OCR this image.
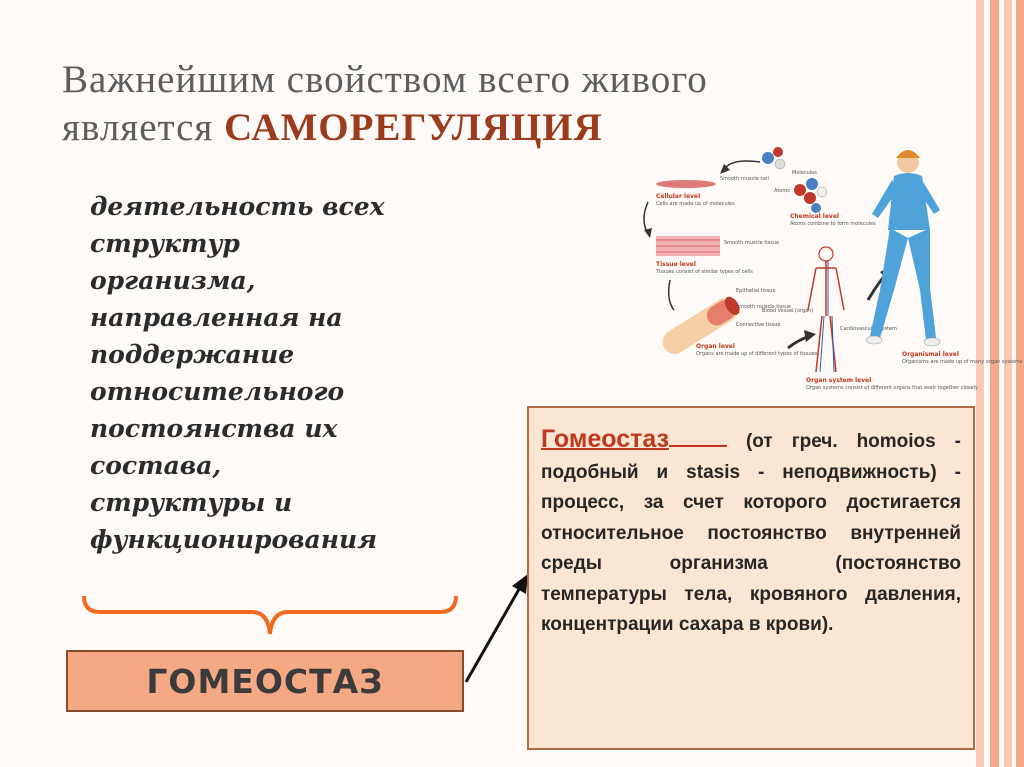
Важнейшим свойством всего живого
является САМОРЕГУЛЯЦИЯ

деятельность всех
структур
организма,
направленная на
поддержание
относительного
постоянства их
состава,
структуры и
функционирования

ГОМЕОСТАЗ

Гомеостаз	(от греч. homoios - подобный и stasis - неподвижность) - процесс, за счет которого достигается относительное постоянство внутренней среды организма (постоянство температуры тела, кровяного давления, концентрации сахара в крови).

Molecules
Atoms
Chemical level
Atoms combine to form molecules
Smooth muscle cell
Cellular level
Cells are made up of molecules
Smooth muscle tissue
Tissue level
Tissues consist of similar types of cells
Epithelial tissue
Smooth muscle tissue
Connective tissue
Blood vessel (organ)
Organ level
Organs are made up of different types of tissues
Cardiovascular system
Organ system level
Organ systems consist of different organs that work together closely
Organismal level
Organisms are made up of many organ systems
